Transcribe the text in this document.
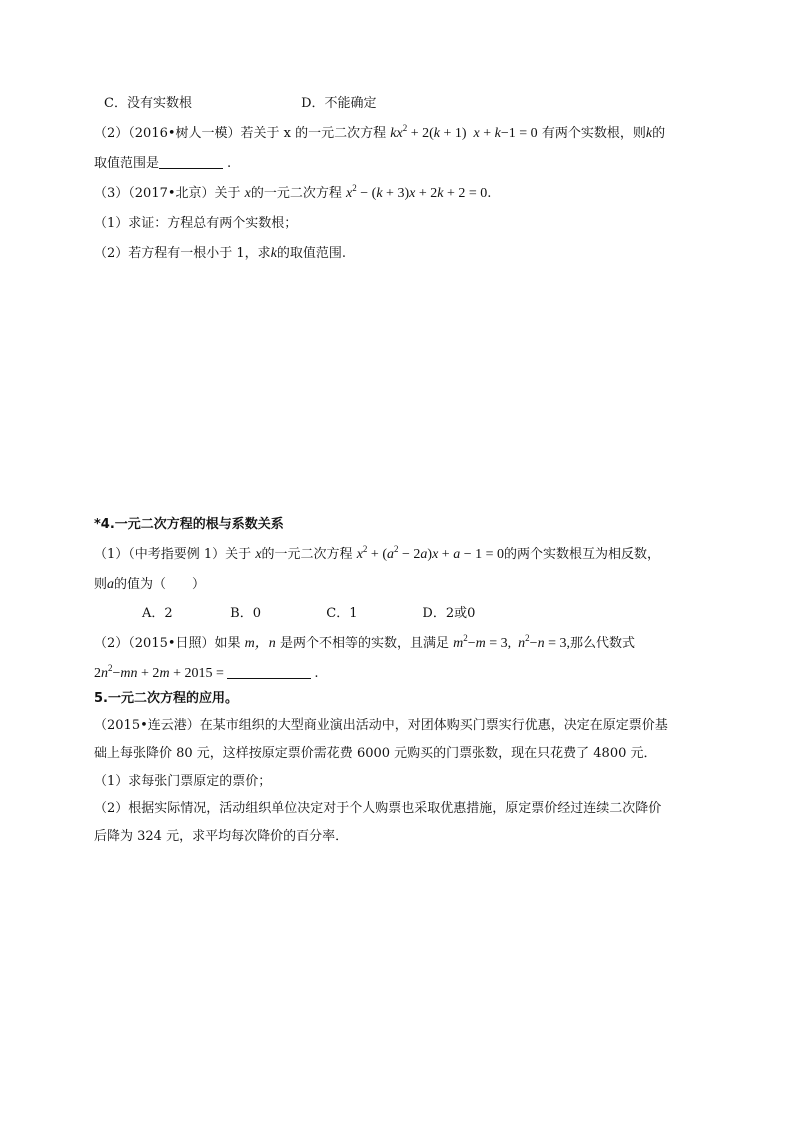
C．没有实数根	D．不能确定
（2）（2016•树人一模）若关于 x 的一元二次方程 $kx^2 + 2(k + 1) x + k-1 = 0$ 有两个实数根，则k的
取值范围是	.
（3）（2017•北京）关于 x的一元二次方程 $x^2 - (k + 3)x + 2k + 2 = 0$.
（1）求证：方程总有两个实数根；
（2）若方程有一根小于 1，求k的取值范围.
*4.一元二次方程的根与系数关系
（1）（中考指要例 1）关于 x的一元二次方程 $x^2 + (a^2 - 2a)x + a - 1 = 0$的两个实数根互为相反数，
则a的值为（　　）
A．2	B．0	C．1	D．2或0
（2）（2015•日照）如果 m，n 是两个不相等的实数，且满足 $m^2-m = 3$,  $n^2-n = 3$,那么代数式
$2n^2-mn + 2m + 2015$ =	.
5.一元二次方程的应用。
（2015•连云港）在某市组织的大型商业演出活动中，对团体购买门票实行优惠，决定在原定票价基
础上每张降价 80 元，这样按原定票价需花费 6000 元购买的门票张数，现在只花费了 4800 元．
（1）求每张门票原定的票价；
（2）根据实际情况，活动组织单位决定对于个人购票也采取优惠措施，原定票价经过连续二次降价
后降为 324 元，求平均每次降价的百分率．
